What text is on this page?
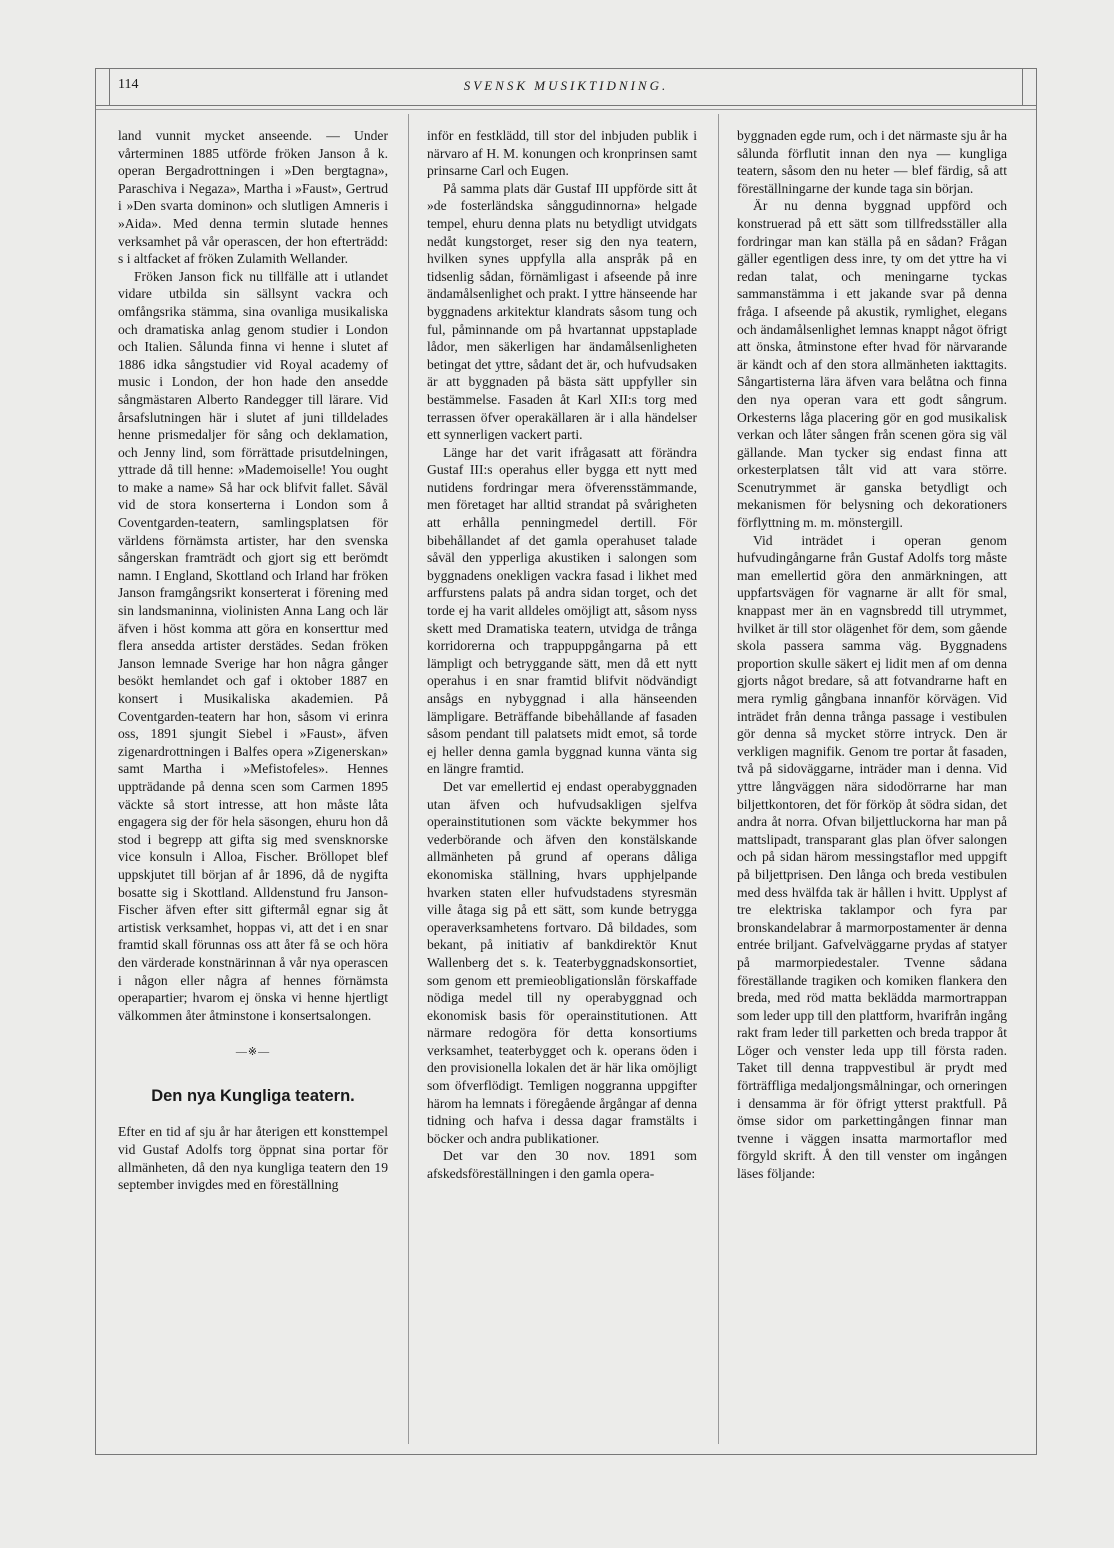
114	SVENSK MUSIKTIDNING.

land vunnit mycket anseende. — Under vårterminen 1885 utförde fröken Janson å k. operan Bergadrottningen i »Den bergtagna», Paraschiva i Negaza», Martha i »Faust», Gertrud i »Den svarta dominon» och slutligen Amneris i »Aida». Med denna termin slutade hennes verksamhet på vår operascen, der hon efterträdd: s i altfacket af fröken Zulamith Wellander.

Fröken Janson fick nu tillfälle att i utlandet vidare utbilda sin sällsynt vackra och omfångsrika stämma, sina ovanliga musikaliska och dramatiska anlag genom studier i London och Italien. Sålunda finna vi henne i slutet af 1886 idka sångstudier vid Royal academy of music i London, der hon hade den ansedde sångmästaren Alberto Randegger till lärare. Vid årsafslutningen här i slutet af juni tilldelades henne prismedaljer för sång och deklamation, och Jenny lind, som förrättade prisutdelningen, yttrade då till henne: »Mademoiselle! You ought to make a name» Så har ock blifvit fallet. Såväl vid de stora konserterna i London som å Coventgarden-teatern, samlingsplatsen för världens förnämsta artister, har den svenska sångerskan framträdt och gjort sig ett berömdt namn. I England, Skottland och Irland har fröken Janson framgångsrikt konserterat i förening med sin landsmaninna, violinisten Anna Lang och lär äfven i höst komma att göra en konserttur med flera ansedda artister derstädes. Sedan fröken Janson lemnade Sverige har hon några gånger besökt hemlandet och gaf i oktober 1887 en konsert i Musikaliska akademien. På Coventgarden-teatern har hon, såsom vi erinra oss, 1891 sjungit Siebel i »Faust», äfven zigenardrottningen i Balfes opera »Zigenerskan» samt Martha i »Mefistofeles». Hennes uppträdande på denna scen som Carmen 1895 väckte så stort intresse, att hon måste låta engagera sig der för hela säsongen, ehuru hon då stod i begrepp att gifta sig med svensknorske vice konsuln i Alloa, Fischer. Bröllopet blef uppskjutet till början af år 1896, då de nygifta bosatte sig i Skottland. Alldenstund fru Janson-Fischer äfven efter sitt giftermål egnar sig åt artistisk verksamhet, hoppas vi, att det i en snar framtid skall förunnas oss att åter få se och höra den värderade konstnärinnan å vår nya operascen i någon eller några af hennes förnämsta operapartier; hvarom ej önska vi henne hjertligt välkommen åter åtminstone i konsertsalongen.

—※—
Den nya Kungliga teatern.

Efter en tid af sju år har återigen ett konsttempel vid Gustaf Adolfs torg öppnat sina portar för allmänheten, då den nya kungliga teatern den 19 september invigdes med en föreställning

inför en festklädd, till stor del inbjuden publik i närvaro af H. M. konungen och kronprinsen samt prinsarne Carl och Eugen.

På samma plats där Gustaf III uppförde sitt åt »de fosterländska sånggudinnorna» helgade tempel, ehuru denna plats nu betydligt utvidgats nedåt kungstorget, reser sig den nya teatern, hvilken synes uppfylla alla anspråk på en tidsenlig sådan, förnämligast i afseende på inre ändamålsenlighet och prakt. I yttre hänseende har byggnadens arkitektur klandrats såsom tung och ful, påminnande om på hvartannat uppstaplade lådor, men säkerligen har ändamålsenligheten betingat det yttre, sådant det är, och hufvudsaken är att byggnaden på bästa sätt uppfyller sin bestämmelse. Fasaden åt Karl XII:s torg med terrassen öfver operakällaren är i alla händelser ett synnerligen vackert parti.

Länge har det varit ifrågasatt att förändra Gustaf III:s operahus eller bygga ett nytt med nutidens fordringar mera öfverensstämmande, men företaget har alltid strandat på svårigheten att erhålla penningmedel dertill. För bibehållandet af det gamla operahuset talade såväl den ypperliga akustiken i salongen som byggnadens onekligen vackra fasad i likhet med arffurstens palats på andra sidan torget, och det torde ej ha varit alldeles omöjligt att, såsom nyss skett med Dramatiska teatern, utvidga de trånga korridorerna och trappuppgångarna på ett lämpligt och betryggande sätt, men då ett nytt operahus i en snar framtid blifvit nödvändigt ansågs en nybyggnad i alla hänseenden lämpligare. Beträffande bibehållande af fasaden såsom pendant till palatsets midt emot, så torde ej heller denna gamla byggnad kunna vänta sig en längre framtid.

Det var emellertid ej endast operabyggnaden utan äfven och hufvudsakligen sjelfva operainstitutionen som väckte bekymmer hos vederbörande och äfven den konstälskande allmänheten på grund af operans dåliga ekonomiska ställning, hvars upphjelpande hvarken staten eller hufvudstadens styresmän ville åtaga sig på ett sätt, som kunde betrygga operaverksamhetens fortvaro. Då bildades, som bekant, på initiativ af bankdirektör Knut Wallenberg det s. k. Teaterbyggnadskonsortiet, som genom ett premieobligationslån förskaffade nödiga medel till ny operabyggnad och ekonomisk basis för operainstitutionen. Att närmare redogöra för detta konsortiums verksamhet, teaterbygget och k. operans öden i den provisionella lokalen det är här lika omöjligt som öfverflödigt. Temligen noggranna uppgifter härom ha lemnats i föregående årgångar af denna tidning och hafva i dessa dagar framstälts i böcker och andra publikationer.

Det var den 30 nov. 1891 som afskedsföreställningen i den gamla opera-

byggnaden egde rum, och i det närmaste sju år ha sålunda förflutit innan den nya — kungliga teatern, såsom den nu heter — blef färdig, så att föreställningarne der kunde taga sin början.

Är nu denna byggnad uppförd och konstruerad på ett sätt som tillfredsställer alla fordringar man kan ställa på en sådan? Frågan gäller egentligen dess inre, ty om det yttre ha vi redan talat, och meningarne tyckas sammanstämma i ett jakande svar på denna fråga. I afseende på akustik, rymlighet, elegans och ändamålsenlighet lemnas knappt något öfrigt att önska, åtminstone efter hvad för närvarande är kändt och af den stora allmänheten iakttagits. Sångartisterna lära äfven vara belåtna och finna den nya operan vara ett godt sångrum. Orkesterns låga placering gör en god musikalisk verkan och låter sången från scenen göra sig väl gällande. Man tycker sig endast finna att orkesterplatsen tålt vid att vara större. Scenutrymmet är ganska betydligt och mekanismen för belysning och dekorationers förflyttning m. m. mönstergill.

Vid inträdet i operan genom hufvudingångarne från Gustaf Adolfs torg måste man emellertid göra den anmärkningen, att uppfartsvägen för vagnarne är allt för smal, knappast mer än en vagnsbredd till utrymmet, hvilket är till stor olägenhet för dem, som gående skola passera samma väg. Byggnadens proportion skulle säkert ej lidit men af om denna gjorts något bredare, så att fotvandrarne haft en mera rymlig gångbana innanför körvägen. Vid inträdet från denna trånga passage i vestibulen gör denna så mycket större intryck. Den är verkligen magnifik. Genom tre portar åt fasaden, två på sidoväggarne, inträder man i denna. Vid yttre långväggen nära sidodörrarne har man biljettkontoren, det för förköp åt södra sidan, det andra åt norra. Ofvan biljettluckorna har man på mattslipadt, transparant glas plan öfver salongen och på sidan härom messingstaflor med uppgift på biljettprisen. Den långa och breda vestibulen med dess hvälfda tak är hållen i hvitt. Upplyst af tre elektriska taklampor och fyra par bronskandelabrar å marmorpostamenter är denna entrée briljant. Gafvelväggarne prydas af statyer på marmorpiedestaler. Tvenne sådana föreställande tragiken och komiken flankera den breda, med röd matta beklädda marmortrappan som leder upp till den plattform, hvarifrån ingång rakt fram leder till parketten och breda trappor åt Löger och venster leda upp till första raden. Taket till denna trappvestibul är prydt med förträffliga medaljongsmålningar, och orneringen i densamma är för öfrigt ytterst praktfull. På ömse sidor om parkettingången finnar man tvenne i väggen insatta marmortaflor med förgyld skrift. Å den till venster om ingången läses följande:
